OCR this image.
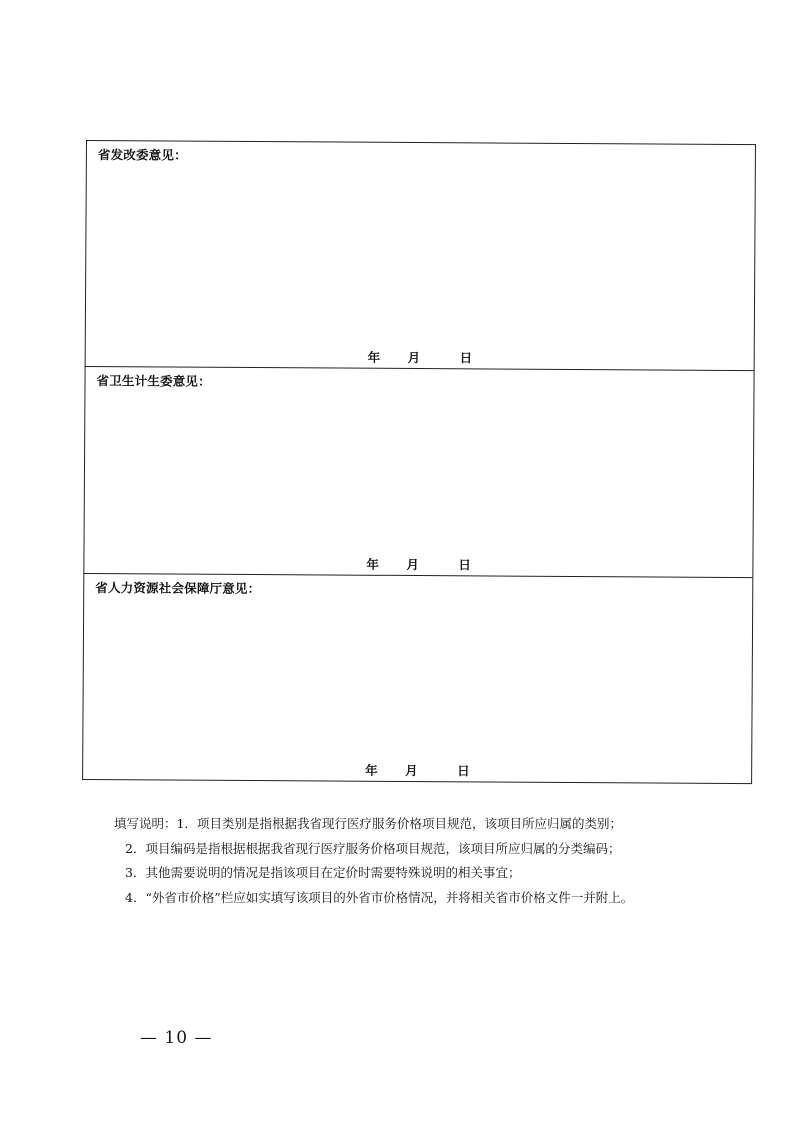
省发改委意见：
年 月	日
省卫生计生委意见：
年 月	日
省人力资源社会保障厅意见：
年 月	日
填写说明：1．项目类别是指根据我省现行医疗服务价格项目规范，该项目所应归属的类别；
2．项目编码是指根据根据我省现行医疗服务价格项目规范，该项目所应归属的分类编码；
3．其他需要说明的情况是指该项目在定价时需要特殊说明的相关事宜；
4．“外省市价格”栏应如实填写该项目的外省市价格情况，并将相关省市价格文件一并附上。
— 10 —
